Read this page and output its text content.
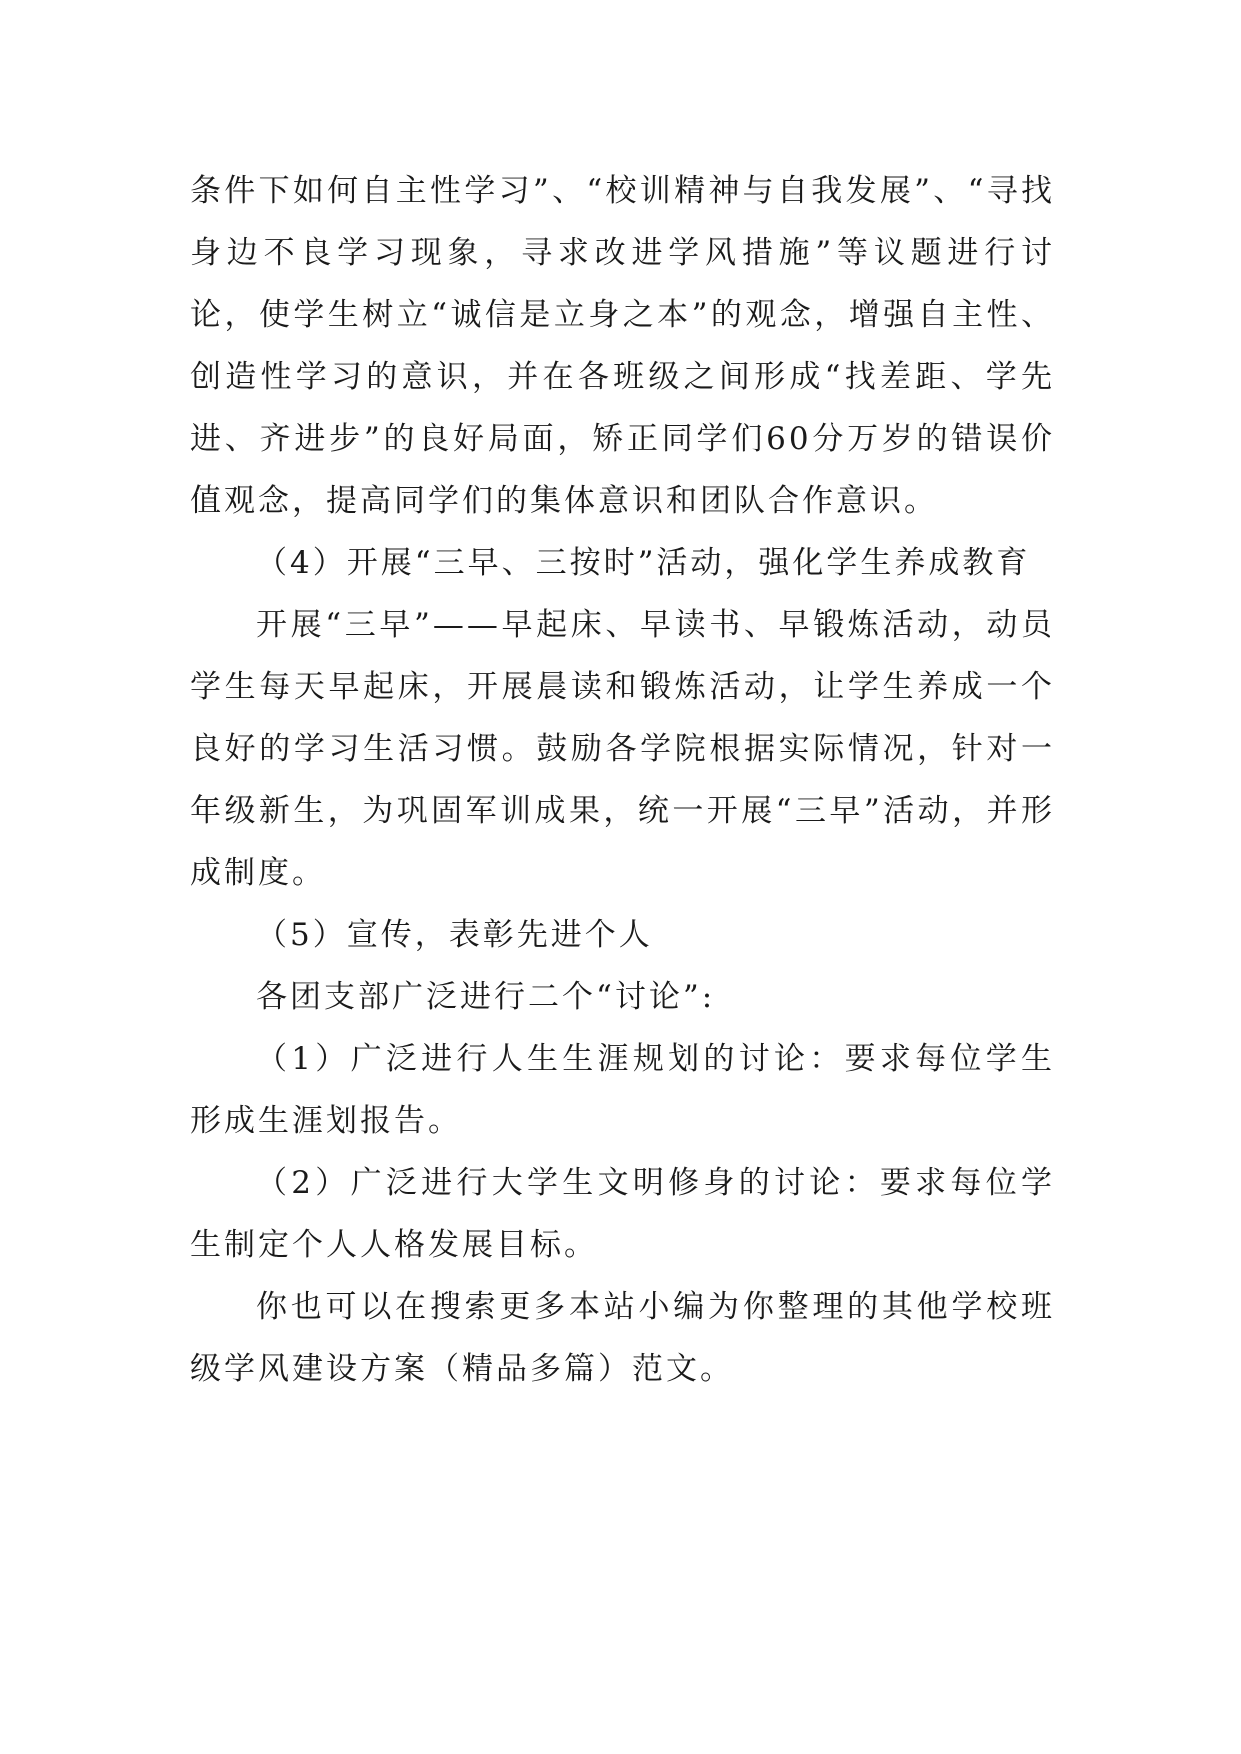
条件下如何自主性学习”、“校训精神与自我发展”、“寻找身边不良学习现象，寻求改进学风措施”等议题进行讨论，使学生树立“诚信是立身之本”的观念，增强自主性、创造性学习的意识，并在各班级之间形成“找差距、学先进、齐进步”的良好局面，矫正同学们60分万岁的错误价值观念，提高同学们的集体意识和团队合作意识。

（4）开展“三早、三按时”活动，强化学生养成教育

开展“三早”——早起床、早读书、早锻炼活动，动员学生每天早起床，开展晨读和锻炼活动，让学生养成一个良好的学习生活习惯。鼓励各学院根据实际情况，针对一年级新生，为巩固军训成果，统一开展“三早”活动，并形成制度。

（5）宣传，表彰先进个人

各团支部广泛进行二个“讨论”:

（1）广泛进行人生生涯规划的讨论：要求每位学生形成生涯划报告。

（2）广泛进行大学生文明修身的讨论：要求每位学生制定个人人格发展目标。

你也可以在搜索更多本站小编为你整理的其他学校班级学风建设方案（精品多篇）范文。
